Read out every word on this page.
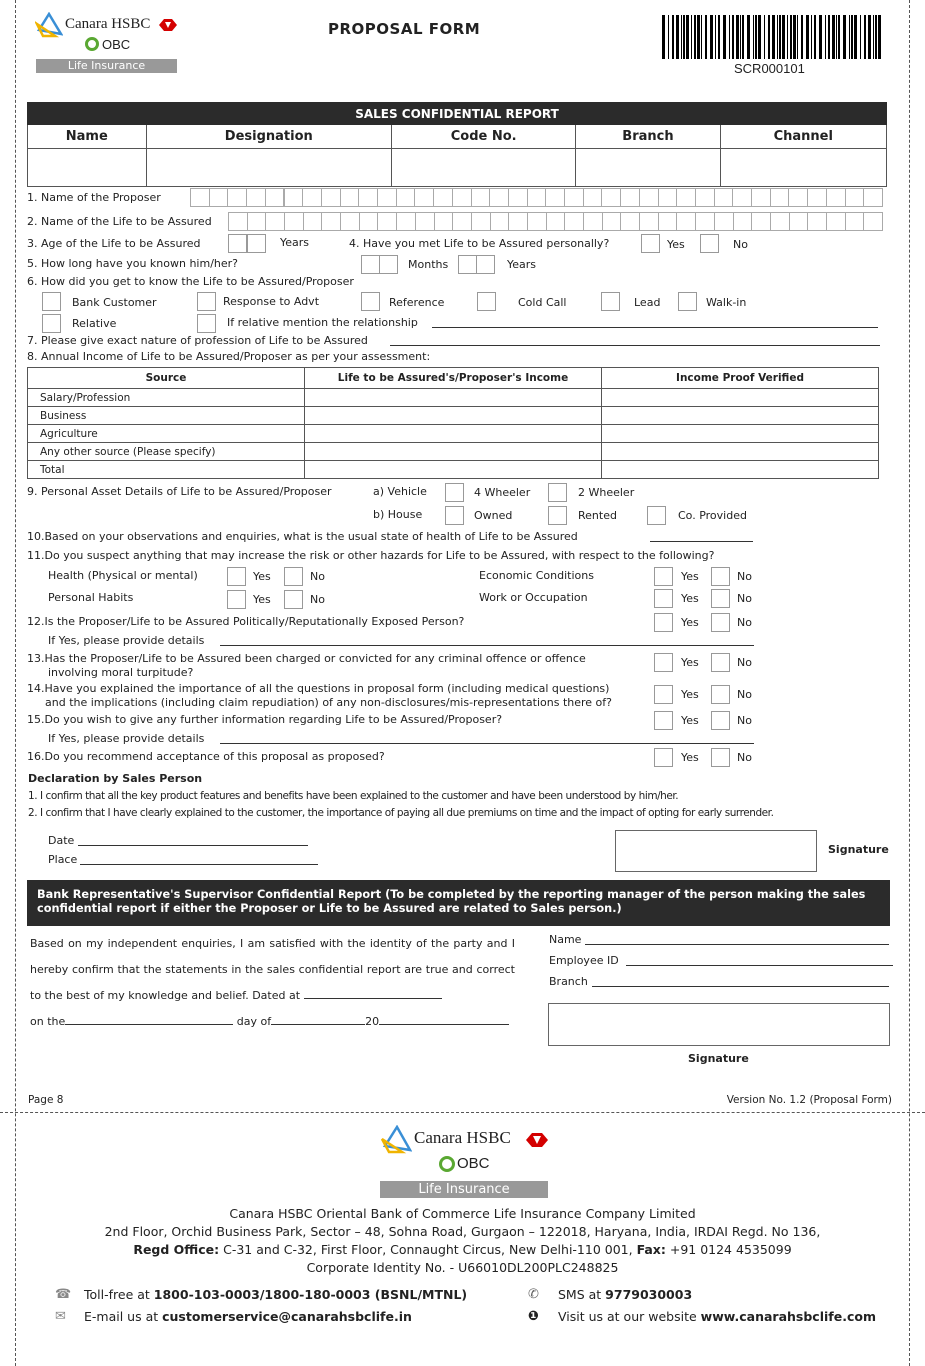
Canara HSBC
OBC
Life Insurance
PROPOSAL FORM
SCR000101
SALES CONFIDENTIAL REPORT				
Name	Designation	Code No.	Branch	Channel

1. Name of the Proposer
2. Name of the Life to be Assured
3. Age of the Life to be Assured	Years	4. Have you met Life to be Assured personally?	Yes	No
5. How long have you known him/her?	Months	Years
6. How did you get to know the Life to be Assured/Proposer
Bank Customer	Response to Advt	Reference	Cold Call	Lead	Walk-in
Relative	If relative mention the relationship
7. Please give exact nature of profession of Life to be Assured
8. Annual Income of Life to be Assured/Proposer as per your assessment:
Source	Life to be Assured's/Proposer's Income	Income Proof Verified
Salary/Profession		
Business		
Agriculture		
Any other source (Please specify)		
Total		
9. Personal Asset Details of Life to be Assured/Proposer	a) Vehicle	4 Wheeler	2 Wheeler
b) House	Owned	Rented	Co. Provided
10.Based on your observations and enquiries, what is the usual state of health of Life to be Assured
11.Do you suspect anything that may increase the risk or other hazards for Life to be Assured, with respect to the following?
Health (Physical or mental)	Yes	No	Economic Conditions	Yes	No
Personal Habits	Yes	No	Work or Occupation	Yes	No
12.Is the Proposer/Life to be Assured Politically/Reputationally Exposed Person?	Yes	No
If Yes, please provide details
13.Has the Proposer/Life to be Assured been charged or convicted for any criminal offence or offence
involving moral turpitude?
Yes	No
14.Have you explained the importance of all the questions in proposal form (including medical questions)
and the implications (including claim repudiation) of any non-disclosures/mis-representations there of?
Yes	No
15.Do you wish to give any further information regarding Life to be Assured/Proposer?	Yes	No
If Yes, please provide details
16.Do you recommend acceptance of this proposal as proposed?	Yes	No
Declaration by Sales Person
1. I confirm that all the key product features and benefits have been explained to the customer and have been understood by him/her.
2. I confirm that I have clearly explained to the customer, the importance of paying all due premiums on time and the impact of opting for early surrender.
Date
Place
Signature
Bank Representative's Supervisor Confidential Report (To be completed by the reporting manager of the person making the sales confidential report if either the Proposer or Life to be Assured are related to Sales person.)
Based on my independent enquiries, I am satisfied with the identity of the party and I hereby confirm that the statements in the sales confidential report are true and correct to the best of my knowledge and belief. Dated at
on the	day of	20
Name
Employee ID
Branch
Signature
Page 8	Version No. 1.2 (Proposal Form)
Canara HSBC
OBC
Life Insurance
Canara HSBC Oriental Bank of Commerce Life Insurance Company Limited
2nd Floor, Orchid Business Park, Sector – 48, Sohna Road, Gurgaon – 122018, Haryana, India, IRDAI Regd. No 136,
Regd Office: C-31 and C-32, First Floor, Connaught Circus, New Delhi-110 001, Fax: +91 0124 4535099
Corporate Identity No. - U66010DL200PLC248825
☎ Toll-free at 1800-103-0003/1800-180-0003 (BSNL/MTNL)
✉ E-mail us at customerservice@canarahsbclife.in
✆ SMS at 9779030003
❶ Visit us at our website www.canarahsbclife.com
